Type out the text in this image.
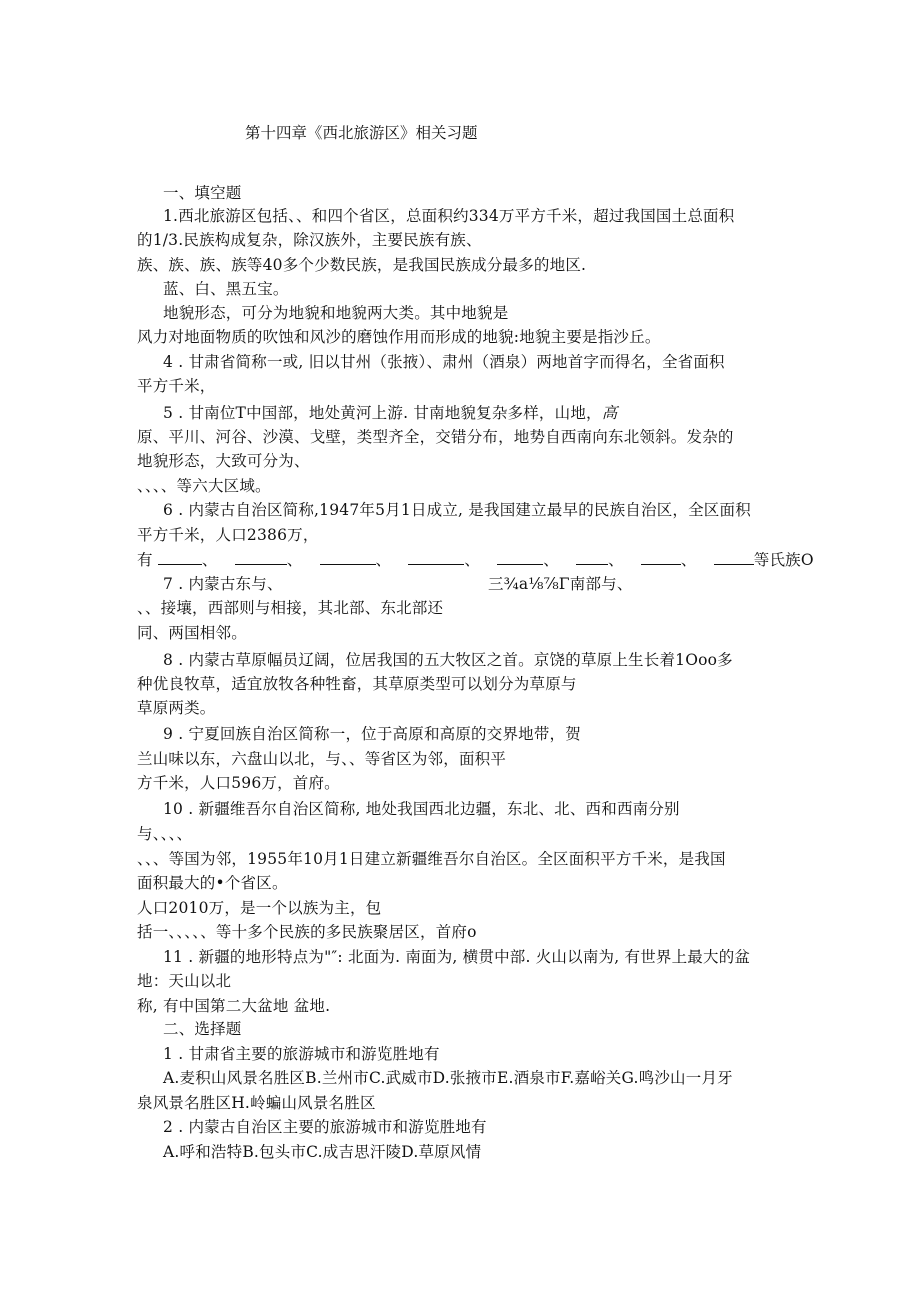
第十四章《西北旅游区》相关习题
一、填空题
1.西北旅游区包括、、和四个省区，总面积约334万平方千米，超过我国国土总面积
的1/3.民族构成复杂，除汉族外，主要民族有族、
族、族、族、族等40多个少数民族，是我国民族成分最多的地区.
蓝、白、黑五宝。
地貌形态，可分为地貌和地貌两大类。其中地貌是
风力对地面物质的吹蚀和风沙的磨蚀作用而形成的地貌:地貌主要是指沙丘。
4 . 甘肃省简称一或, 旧以甘州（张掖）、肃州（酒泉）两地首字而得名，全省面积
平方千米，
5 . 甘南位T中国部，地处黄河上游. 甘南地貌复杂多样，山地，高
原、平川、河谷、沙漠、戈壁，类型齐全，交错分布，地势自西南向东北领斜。发杂的
地貌形态，大致可分为、
、、、、等六大区域。
6 . 内蒙古自治区简称,1947年5月1日成立, 是我国建立最早的民族自治区，全区面积
平方千米，人口2386万，
有	、	、	、	、	、	、	、	等氏族O
7 . 内蒙古东与、	三¾a⅛⅞Γ南部与、
、、接壤，西部则与相接，其北部、东北部还
同、两国相邻。
8 . 内蒙古草原幅员辽阔，位居我国的五大牧区之首。京饶的草原上生长着1Ooo多
种优良牧草，适宜放牧各种牲畜，其草原类型可以划分为草原与
草原两类。
9 . 宁夏回族自治区简称一，位于高原和高原的交界地带，贺
兰山味以东，六盘山以北，与、、等省区为邻，面积平
方千米，人口596万，首府。
10 . 新疆维吾尔自治区简称, 地处我国西北边疆，东北、北、西和西南分别
与、、、、
、、、等国为邻，1955年10月1日建立新疆维吾尔自治区。全区面积平方千米，是我国
面积最大的•个省区。
人口2010万，是一个以族为主，包
括一、、、、、等十多个民族的多民族聚居区，首府o
11 . 新疆的地形特点为"″: 北面为. 南面为, 横贯中部. 火山以南为, 有世界上最大的盆
地：天山以北
称, 有中国第二大盆地 盆地.
二、选择题
1 . 甘肃省主要的旅游城市和游览胜地有
A.麦积山风景名胜区B.兰州市C.武威市D.张掖市E.酒泉市F.嘉峪关G.鸣沙山一月牙
泉风景名胜区H.岭蝙山风景名胜区
2 . 内蒙古自治区主要的旅游城市和游览胜地有
A.呼和浩特B.包头市C.成吉思汗陵D.草原风情
